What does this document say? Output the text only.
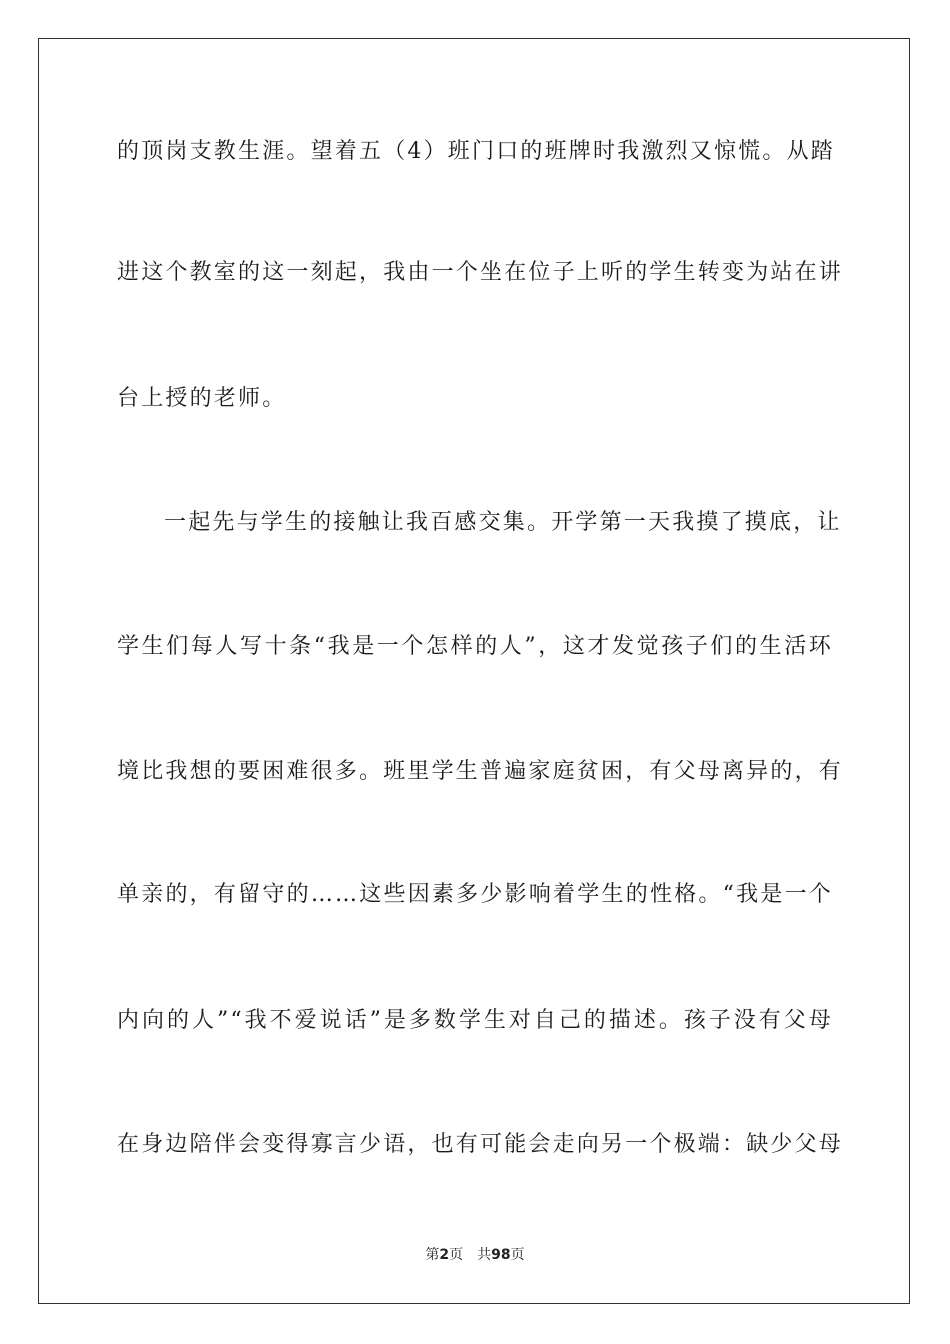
的顶岗支教生涯。望着五（4）班门口的班牌时我激烈又惊慌。从踏
进这个教室的这一刻起，我由一个坐在位子上听的学生转变为站在讲
台上授的老师。
一起先与学生的接触让我百感交集。开学第一天我摸了摸底，让
学生们每人写十条“我是一个怎样的人”，这才发觉孩子们的生活环
境比我想的要困难很多。班里学生普遍家庭贫困，有父母离异的，有
单亲的，有留守的……这些因素多少影响着学生的性格。“我是一个
内向的人”“我不爱说话”是多数学生对自己的描述。孩子没有父母
在身边陪伴会变得寡言少语，也有可能会走向另一个极端：缺少父母
第2页 共98页
